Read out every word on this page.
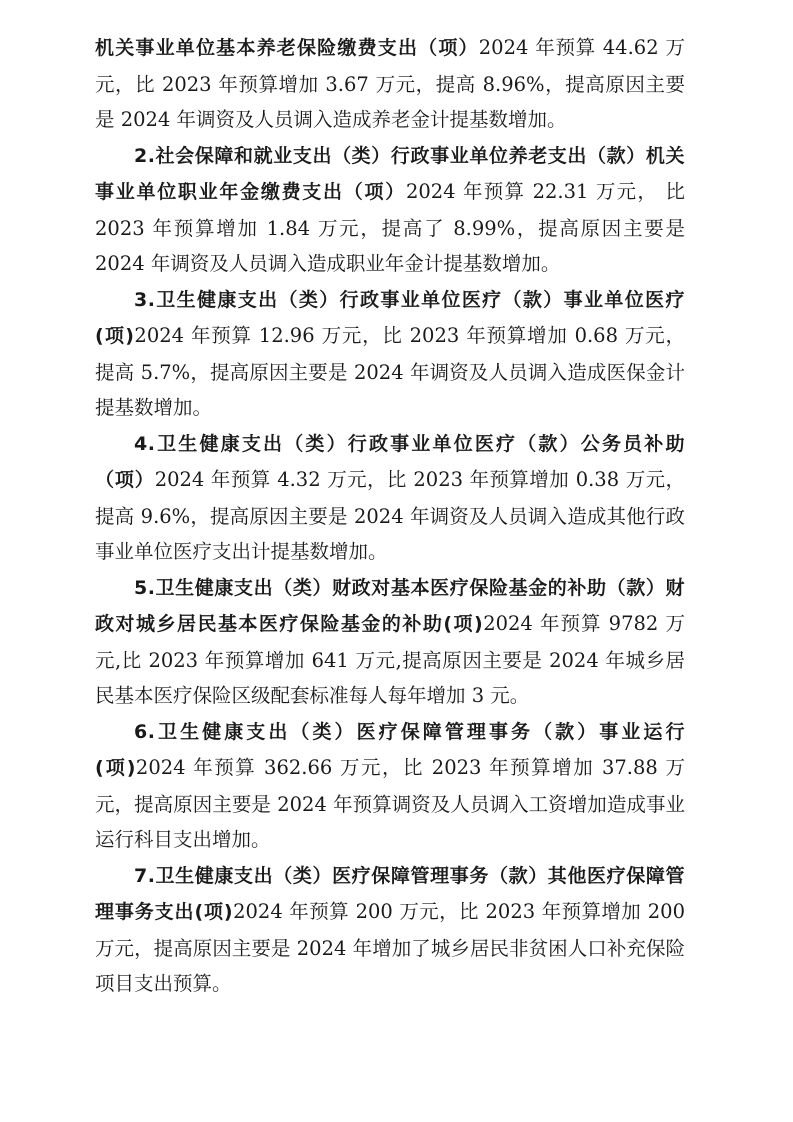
机关事业单位基本养老保险缴费支出（项）2024 年预算 44.62 万元，比 2023 年预算增加 3.67 万元，提高 8.96%，提高原因主要是 2024 年调资及人员调入造成养老金计提基数增加。

2.社会保障和就业支出（类）行政事业单位养老支出（款）机关事业单位职业年金缴费支出（项）2024 年预算 22.31 万元， 比 2023 年预算增加 1.84 万元，提高了 8.99%，提高原因主要是 2024 年调资及人员调入造成职业年金计提基数增加。

3.卫生健康支出（类）行政事业单位医疗（款）事业单位医疗(项)2024 年预算 12.96 万元，比 2023 年预算增加 0.68 万元，提高 5.7%，提高原因主要是 2024 年调资及人员调入造成医保金计提基数增加。

4.卫生健康支出（类）行政事业单位医疗（款）公务员补助（项）2024 年预算 4.32 万元，比 2023 年预算增加 0.38 万元，提高 9.6%，提高原因主要是 2024 年调资及人员调入造成其他行政事业单位医疗支出计提基数增加。

5.卫生健康支出（类）财政对基本医疗保险基金的补助（款）财政对城乡居民基本医疗保险基金的补助(项)2024 年预算 9782 万元,比 2023 年预算增加 641 万元,提高原因主要是 2024 年城乡居民基本医疗保险区级配套标准每人每年增加 3 元。

6.卫生健康支出（类）医疗保障管理事务（款）事业运行(项)2024 年预算 362.66 万元，比 2023 年预算增加 37.88 万元，提高原因主要是 2024 年预算调资及人员调入工资增加造成事业运行科目支出增加。

7.卫生健康支出（类）医疗保障管理事务（款）其他医疗保障管理事务支出(项)2024 年预算 200 万元，比 2023 年预算增加 200 万元，提高原因主要是 2024 年增加了城乡居民非贫困人口补充保险项目支出预算。
